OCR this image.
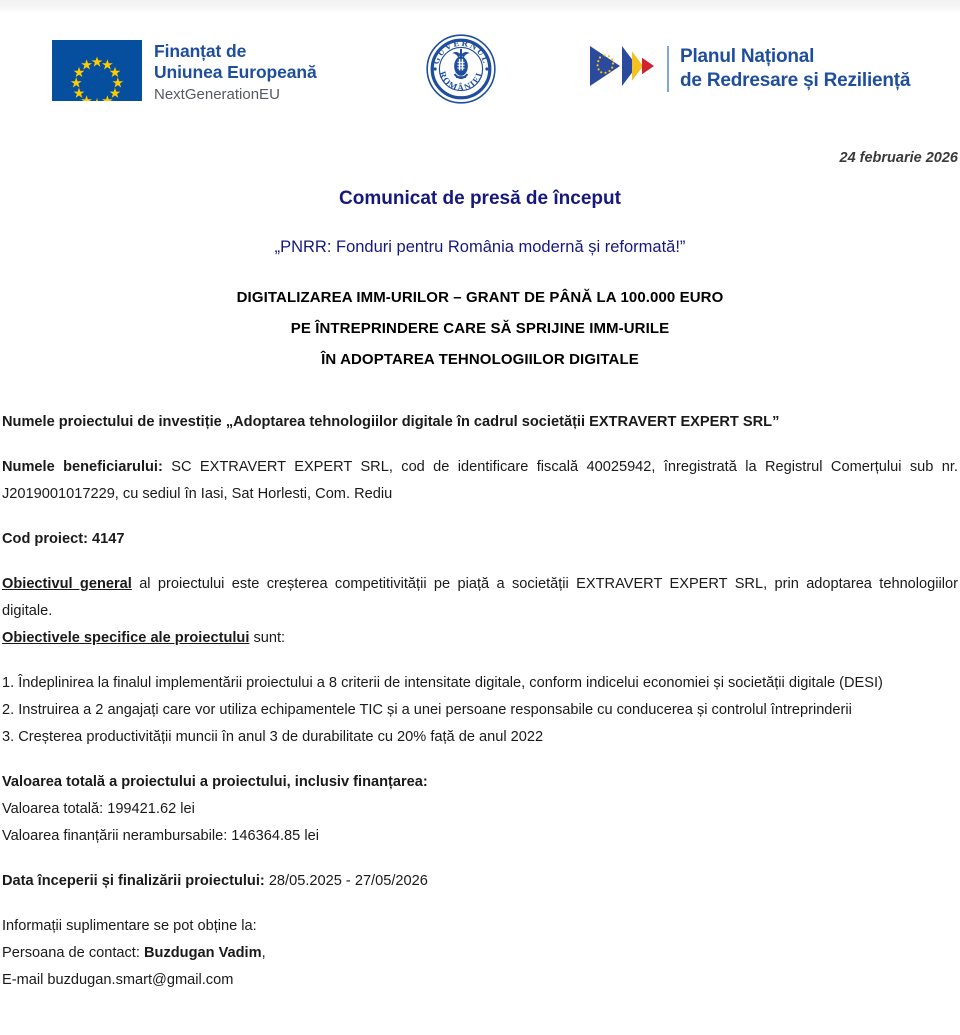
Finanțat de
Uniunea Europeană
NextGenerationEU
GUVERNUL
ROMÂNIEI
Planul Național
de Redresare și Reziliență
24 februarie 2026
Comunicat de presă de început
„PNRR: Fonduri pentru România modernă și reformată!”
DIGITALIZAREA IMM-URILOR – GRANT DE PÂNĂ LA 100.000 EURO
PE ÎNTREPRINDERE CARE SĂ SPRIJINE IMM-URILE
ÎN ADOPTAREA TEHNOLOGIILOR DIGITALE

Numele proiectului de investiție „Adoptarea tehnologiilor digitale în cadrul societății EXTRAVERT EXPERT SRL”

Numele beneficiarului: SC EXTRAVERT EXPERT SRL, cod de identificare fiscală 40025942, înregistrată la Registrul Comerțului sub nr. J2019001017229, cu sediul în Iasi, Sat Horlesti, Com. Rediu

Cod proiect: 4147

Obiectivul general al proiectului este creșterea competitivității pe piață a societății EXTRAVERT EXPERT SRL, prin adoptarea tehnologiilor digitale.

Obiectivele specifice ale proiectului sunt:

1. Îndeplinirea la finalul implementării proiectului a 8 criterii de intensitate digitale, conform indicelui economiei și societății digitale (DESI)

2. Instruirea a 2 angajați care vor utiliza echipamentele TIC și a unei persoane responsabile cu conducerea și controlul întreprinderii

3. Creșterea productivității muncii în anul 3 de durabilitate cu 20% față de anul 2022

Valoarea totală a proiectului a proiectului, inclusiv finanțarea:

Valoarea totală: 199421.62 lei

Valoarea finanțării nerambursabile: 146364.85 lei

Data începerii și finalizării proiectului: 28/05.2025 - 27/05/2026

Informații suplimentare se pot obține la:

Persoana de contact: Buzdugan Vadim,

E-mail buzdugan.smart@gmail.com
